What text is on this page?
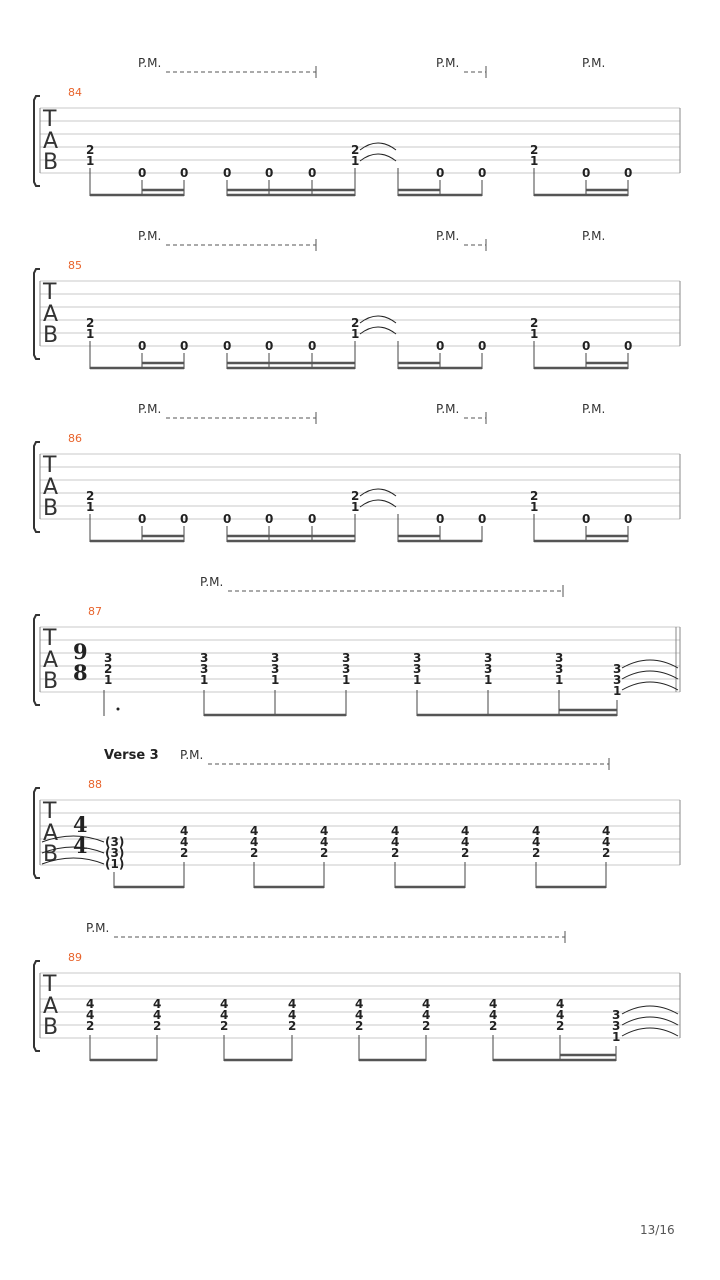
P.M.	P.M.	P.M.
84
T
A
B 2
1
0	0	0	0	0
2
1
0	0
2
1
0	0
P.M.	P.M.	P.M.
85
T
A
B 2
1
0	0	0	0	0
2
1
0	0
2
1
0	0
P.M.	P.M.	P.M.
86
T
A
B 2
1
0	0	0	0	0
2
1
0	0
2
1
0	0
P.M.
87
T
A
B
9
8
3
2
1
3
3
1
3
3
1
3
3
1
3
3
1
3
3
1
3
3
1
3
3
1
Verse 3 P.M.
88
T
A
B
4
4 (3)
(3)
(1)
4
4
2
4
4
2
4
4
2
4
4
2
4
4
2
4
4
2
4
4
2
P.M.
89
T
A
B
4
4
2
4
4
2
4
4
2
4
4
2
4
4
2
4
4
2
4
4
2
4
4
2
3
3
1
13/16
